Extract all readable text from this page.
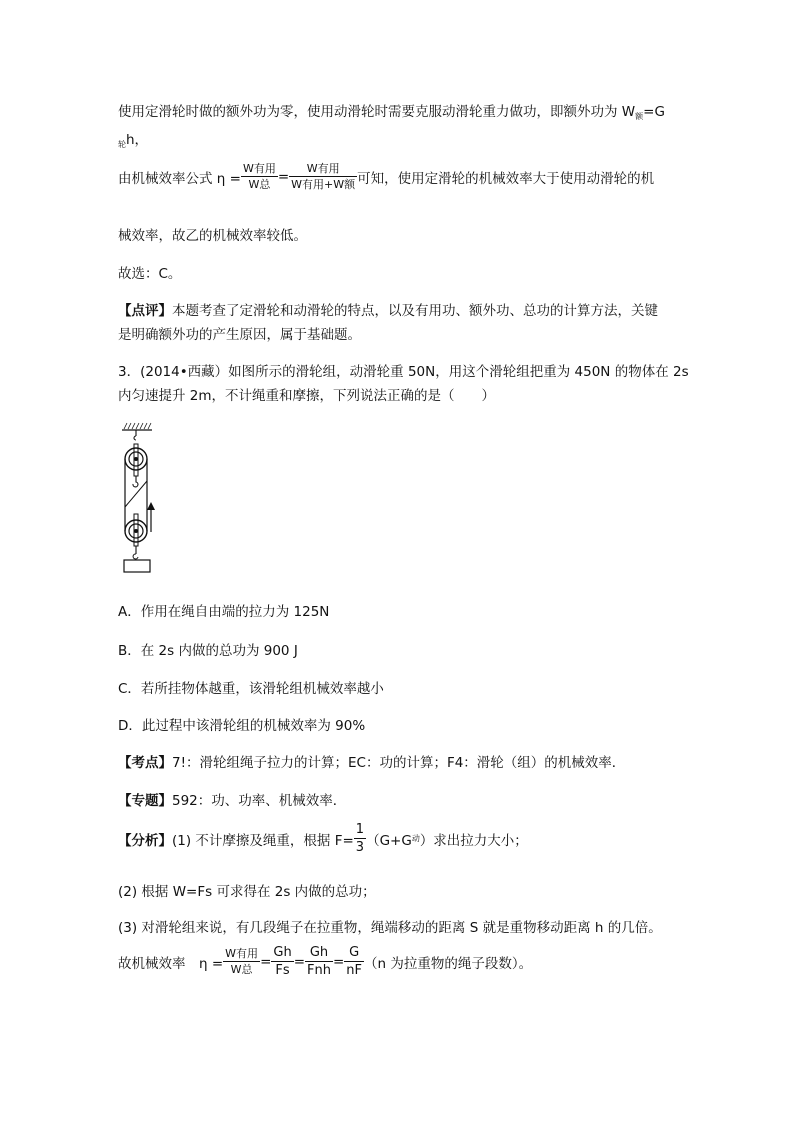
使用定滑轮时做的额外功为零，使用动滑轮时需要克服动滑轮重力做功，即额外功为 $W_额=G$
$_轮$h，
由机械效率公式 $\eta = \frac{\text{W有用}}{\text{W总}} = \frac{\text{W有用}}{\text{W有用+W额}}$ 可知，使用定滑轮的机械效率大于使用动滑轮的机
械效率，故乙的机械效率较低。
故选：C。
【点评】本题考查了定滑轮和动滑轮的特点，以及有用功、额外功、总功的计算方法，关键
是明确额外功的产生原因，属于基础题。
3．(2014•西藏）如图所示的滑轮组，动滑轮重 50N，用这个滑轮组把重为 450N 的物体在 2s
内匀速提升 2m，不计绳重和摩擦，下列说法正确的是（　　）
A．作用在绳自由端的拉力为 125N
B．在 2s 内做的总功为 900 J
C．若所挂物体越重，该滑轮组机械效率越小
D．此过程中该滑轮组的机械效率为 90%
【考点】7!：滑轮组绳子拉力的计算；EC：功的计算；F4：滑轮（组）的机械效率．
【专题】592：功、功率、机械效率．
【分析】 (1) 不计摩擦及绳重，根据 $F= \frac{1}{3} (G+G$ 动 ）求出拉力大小；
(2) 根据 W=Fs 可求得在 2s 内做的总功；
(3) 对滑轮组来说，有几段绳子在拉重物，绳端移动的距离 S 就是重物移动距离 h 的几倍。
故机械效率　$\eta = \frac{\text{W有用}}{\text{W总}} = \frac{Gh}{Fs} = \frac{Gh}{\text{Fnh}} = \frac{G}{nF} (n$ 为拉重物的绳子段数）。
